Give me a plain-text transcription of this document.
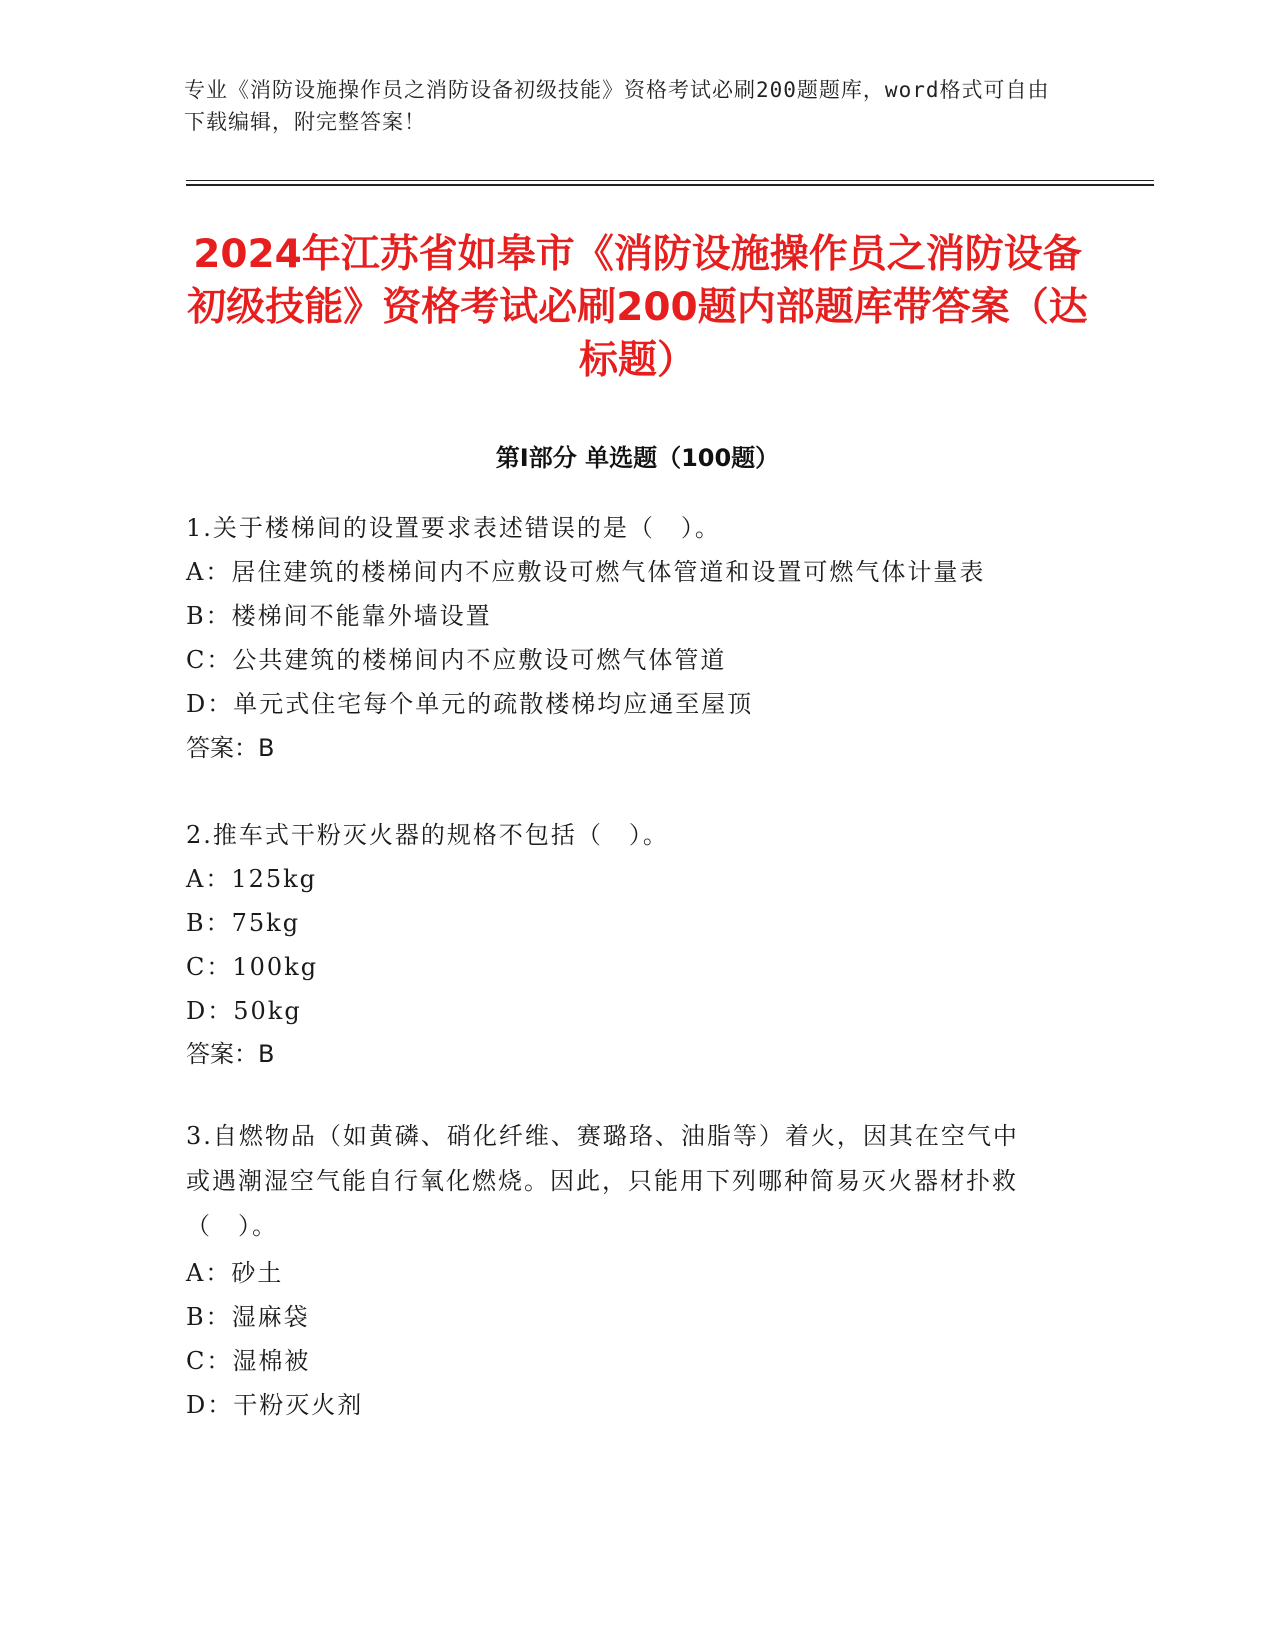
专业《消防设施操作员之消防设备初级技能》资格考试必刷200题题库，word格式可自由下载编辑，附完整答案！
2024年江苏省如皋市《消防设施操作员之消防设备初级技能》资格考试必刷200题内部题库带答案（达标题）
第Ⅰ部分 单选题（100题）
1.关于楼梯间的设置要求表述错误的是（　）。
A：居住建筑的楼梯间内不应敷设可燃气体管道和设置可燃气体计量表
B：楼梯间不能靠外墙设置
C：公共建筑的楼梯间内不应敷设可燃气体管道
D：单元式住宅每个单元的疏散楼梯均应通至屋顶
答案：B
2.推车式干粉灭火器的规格不包括（　）。
A：125kg
B：75kg
C：100kg
D：50kg
答案：B
3.自燃物品（如黄磷、硝化纤维、赛璐珞、油脂等）着火，因其在空气中或遇潮湿空气能自行氧化燃烧。因此，只能用下列哪种简易灭火器材扑救（　）。
A：砂土
B：湿麻袋
C：湿棉被
D：干粉灭火剂
